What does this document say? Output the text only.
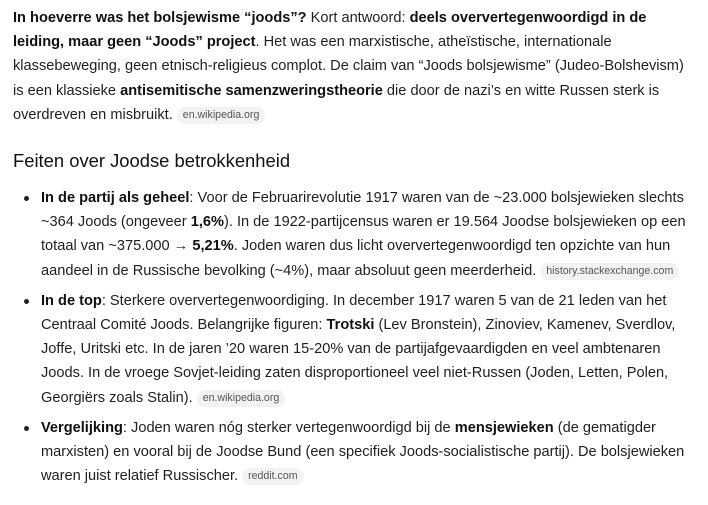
In hoeverre was het bolsjewisme “joods”? Kort antwoord: deels oververtegenwoordigd in de leiding, maar geen “Joods” project. Het was een marxistische, atheïstische, internationale klassebeweging, geen etnisch-religieus complot. De claim van “Joods bolsjewisme” (Judeo-Bolshevism) is een klassieke antisemitische samenzweringstheorie die door de nazi’s en witte Russen sterk is overdreven en misbruikt. en.wikipedia.org

Feiten over Joodse betrokkenheid
In de partij als geheel: Voor de Februarirevolutie 1917 waren van de ~23.000 bolsjewieken slechts ~364 Joods (ongeveer 1,6%). In de 1922-partijcensus waren er 19.564 Joodse bolsjewieken op een totaal van ~375.000 → 5,21%. Joden waren dus licht oververtegenwoordigd ten opzichte van hun aandeel in de Russische bevolking (~4%), maar absoluut geen meerderheid. history.stackexchange.com
In de top: Sterkere oververtegenwoordiging. In december 1917 waren 5 van de 21 leden van het Centraal Comité Joods. Belangrijke figuren: Trotski (Lev Bronstein), Zinoviev, Kamenev, Sverdlov, Joffe, Uritski etc. In de jaren ’20 waren 15-20% van de partijafgevaardigden en veel ambtenaren Joods. In de vroege Sovjet-leiding zaten disproportioneel veel niet-Russen (Joden, Letten, Polen, Georgiërs zoals Stalin). en.wikipedia.org
Vergelijking: Joden waren nóg sterker vertegenwoordigd bij de mensjewieken (de gematigder marxisten) en vooral bij de Joodse Bund (een specifiek Joods-socialistische partij). De bolsjewieken waren juist relatief Russischer. reddit.com
